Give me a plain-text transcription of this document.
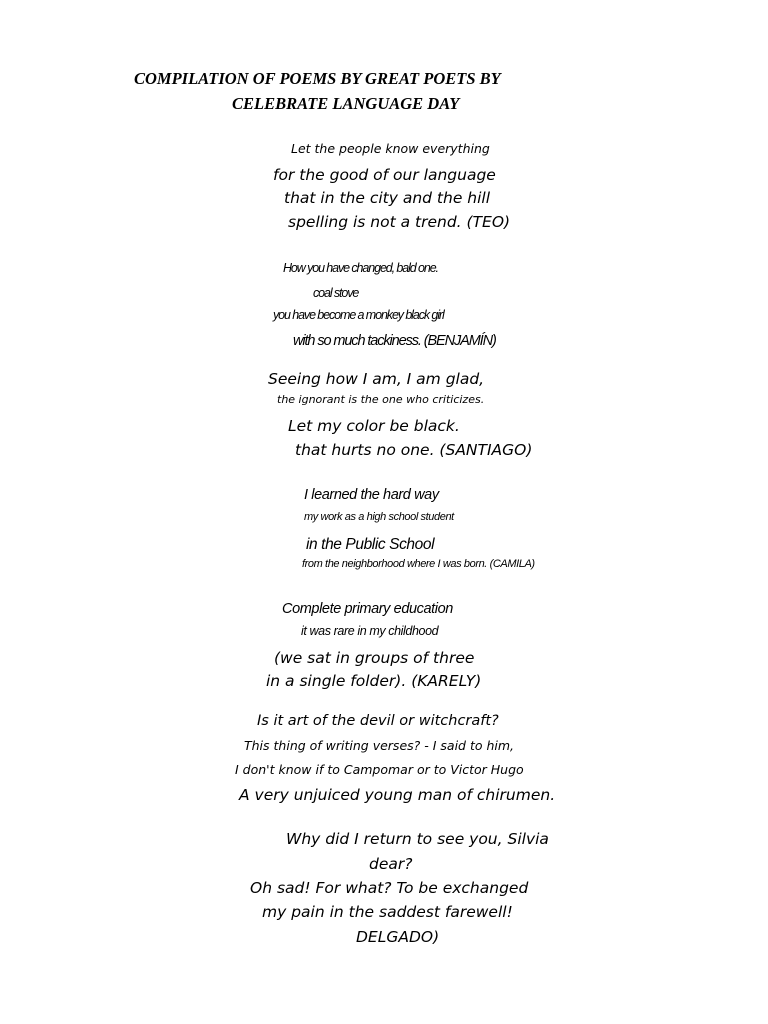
COMPILATION OF POEMS BY GREAT POETS BY
CELEBRATE LANGUAGE DAY
Let the people know everything
for the good of our language
that in the city and the hill
spelling is not a trend. (TEO)
How you have changed, bald one.
coal stove
you have become a monkey black girl
with so much tackiness. (BENJAMÍN)
Seeing how I am, I am glad,
the ignorant is the one who criticizes.
Let my color be black.
that hurts no one. (SANTIAGO)
I learned the hard way
my work as a high school student
in the Public School
from the neighborhood where I was born. (CAMILA)
Complete primary education
it was rare in my childhood
(we sat in groups of three
in a single folder). (KARELY)
Is it art of the devil or witchcraft?
This thing of writing verses? - I said to him,
I don't know if to Campomar or to Victor Hugo
A very unjuiced young man of chirumen.
Why did I return to see you, Silvia
dear?
Oh sad! For what? To be exchanged
my pain in the saddest farewell!
DELGADO)
